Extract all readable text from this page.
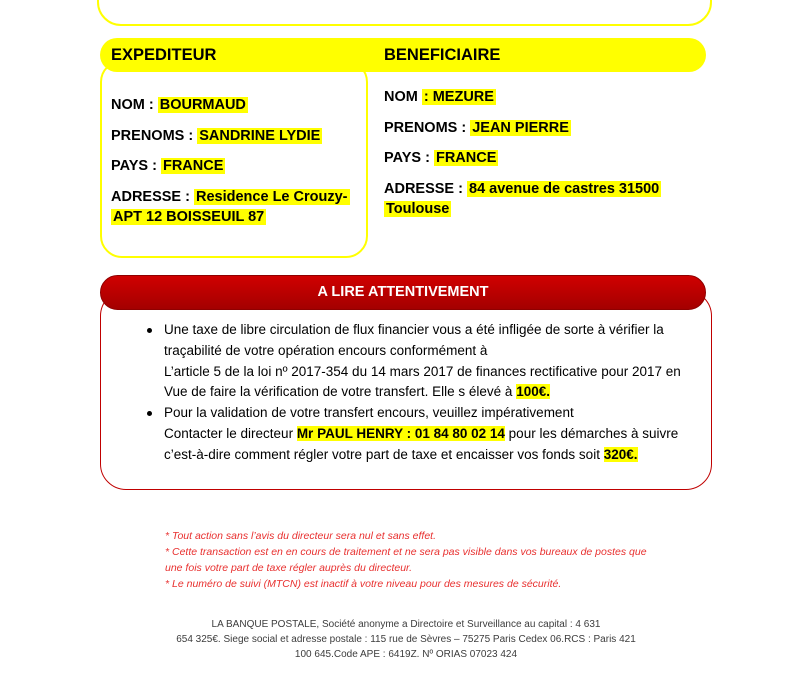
EXPEDITEUR	BENEFICIAIRE
NOM : BOURMAUD
PRENOMS : SANDRINE LYDIE
PAYS : FRANCE
ADRESSE : Residence Le Crouzy-
APT 12 BOISSEUIL 87
NOM : MEZURE
PRENOMS : JEAN PIERRE
PAYS : FRANCE
ADRESSE : 84 avenue de castres 31500
Toulouse
A LIRE ATTENTIVEMENT
Une taxe de libre circulation de flux financier vous a été infligée de sorte à vérifier la
traçabilité de votre opération encours conformément à
L’article 5 de la loi nº 2017-354 du 14 mars 2017 de finances rectificative pour 2017 en
Vue de faire la vérification de votre transfert. Elle s élevé à 100€.
Pour la validation de votre transfert encours, veuillez impérativement
Contacter le directeur Mr PAUL HENRY : 01 84 80 02 14 pour les démarches à suivre
c’est-à-dire comment régler votre part de taxe et encaisser vos fonds soit 320€.
* Tout action sans l’avis du directeur sera nul et sans effet.
* Cette transaction est en en cours de traitement et ne sera pas visible dans vos bureaux de postes que
une fois votre part de taxe régler auprès du directeur.
* Le numéro de suivi (MTCN) est inactif à votre niveau pour des mesures de sécurité.
LA BANQUE POSTALE, Société anonyme a Directoire et Surveillance au capital : 4 631
654 325€. Siege social et adresse postale : 115 rue de Sèvres – 75275 Paris Cedex 06.RCS : Paris 421
100 645.Code APE : 6419Z. Nº ORIAS 07023 424
